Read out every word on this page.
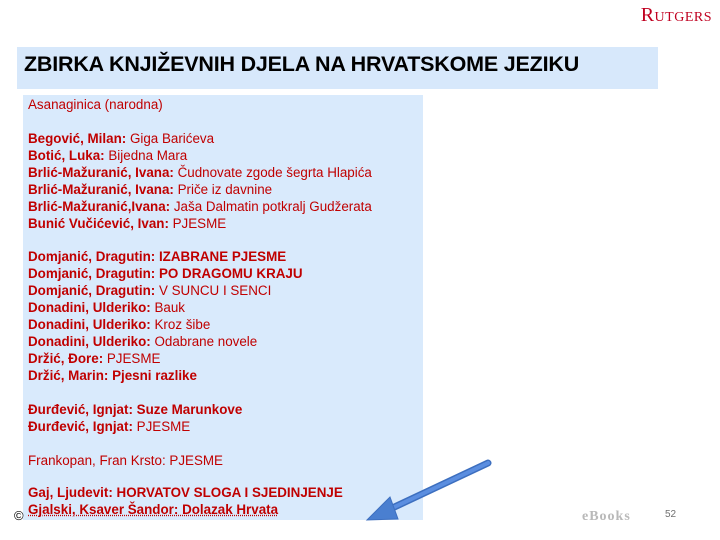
Rutgers
ZBIRKA KNJIŽEVNIH DJELA NA HRVATSKOME JEZIKU
Asanaginica (narodna)
Begović, Milan: Giga Barićeva
Botić, Luka: Bijedna Mara
Brlić-Mažuranić, Ivana: Čudnovate zgode šegrta Hlapića
Brlić-Mažuranić, Ivana: Priče iz davnine
Brlić-Mažuranić,Ivana: Jaša Dalmatin potkralj Gudžerata
Bunić Vučićević, Ivan: PJESME
Domjanić, Dragutin: IZABRANE PJESME
Domjanić, Dragutin: PO DRAGOMU KRAJU
Domjanić, Dragutin: V SUNCU I SENCI
Donadini, Ulderiko: Bauk
Donadini, Ulderiko: Kroz šibe
Donadini, Ulderiko: Odabrane novele
Držić, Đore: PJESME
Držić, Marin: Pjesni razlike
Đurđević, Ignjat: Suze Marunkove
Đurđević, Ignjat: PJESME
Frankopan, Fran Krsto: PJESME
Gaj, Ljudevit: HORVATOV SLOGA I SJEDINJENJE
Gjalski, Ksaver Šandor: Dolazak Hrvata
©	eBooks	52
